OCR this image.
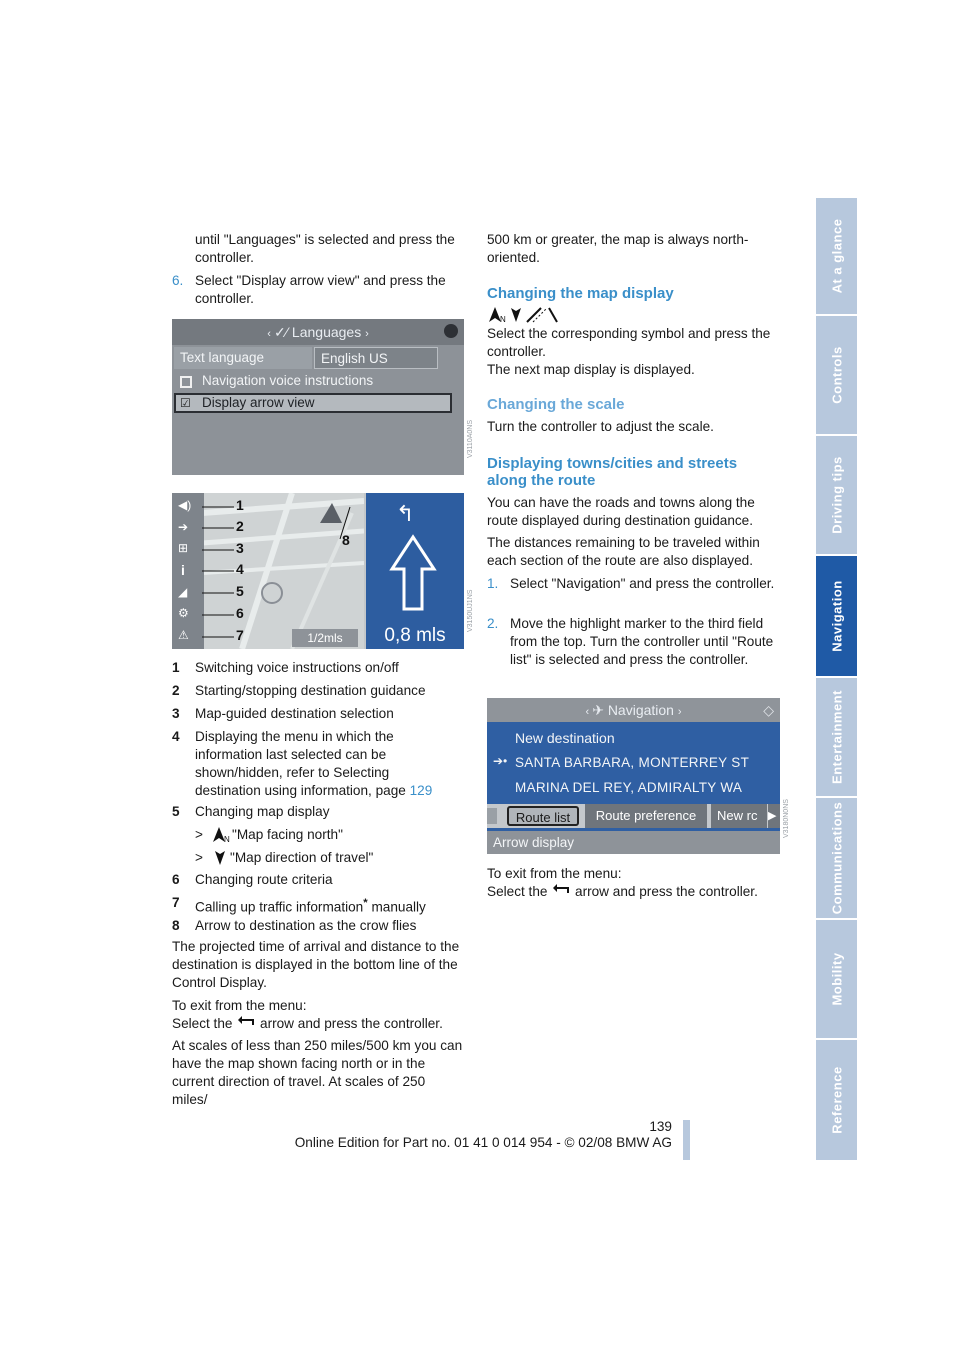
At a glance
Controls
Driving tips
Navigation
Entertainment
Communications
Mobility
Reference
until "Languages" is selected and press the controller.
6. Select "Display arrow view" and press the controller.
‹ ✓⁄ Languages ›
Text language	English US
Navigation voice instructions
☑ Display arrow view
V3110A0NS
◀)
➔
⊞
i
◢
⚙
⚠
1
2
3
4
5
6
7
8
1/2mls
↰
0,8 mls
V3150UJ1NS
1 Switching voice instructions on/off
2 Starting/stopping destination guidance
3 Map-guided destination selection
4 Displaying the menu in which the information last selected can be shown/hidden, refer to Selecting destination using information, page 129
5 Changing map display
>	N "Map facing north"
> "Map direction of travel"
6 Changing route criteria
7 Calling up traffic information* manually
8 Arrow to destination as the crow flies
The projected time of arrival and distance to the destination is displayed in the bottom line of the Control Display.
To exit from the menu:
Select the  arrow and press the controller.
At scales of less than 250 miles/500 km you can have the map shown facing north or in the current direction of travel. At scales of 250 miles/
500 km or greater, the map is always north-oriented.
Changing the map display
N
Select the corresponding symbol and press the controller.
The next map display is displayed.
Changing the scale
Turn the controller to adjust the scale.
Displaying towns/cities and streets
along the route
You can have the roads and towns along the route displayed during destination guidance.
The distances remaining to be traveled within each section of the route are also displayed.
1. Select "Navigation" and press the controller.
2. Move the highlight marker to the third field from the top. Turn the controller until "Route list" is selected and press the controller.
‹ ✈ Navigation ›	◇
New destination
➔• SANTA BARBARA, MONTERREY ST
MARINA DEL REY, ADMIRALTY WA
Route list	Route preference	New rc ▶
Arrow display
V3180N0NS
To exit from the menu:
Select the  arrow and press the controller.
139
Online Edition for Part no. 01 41 0 014 954 - © 02/08 BMW AG
